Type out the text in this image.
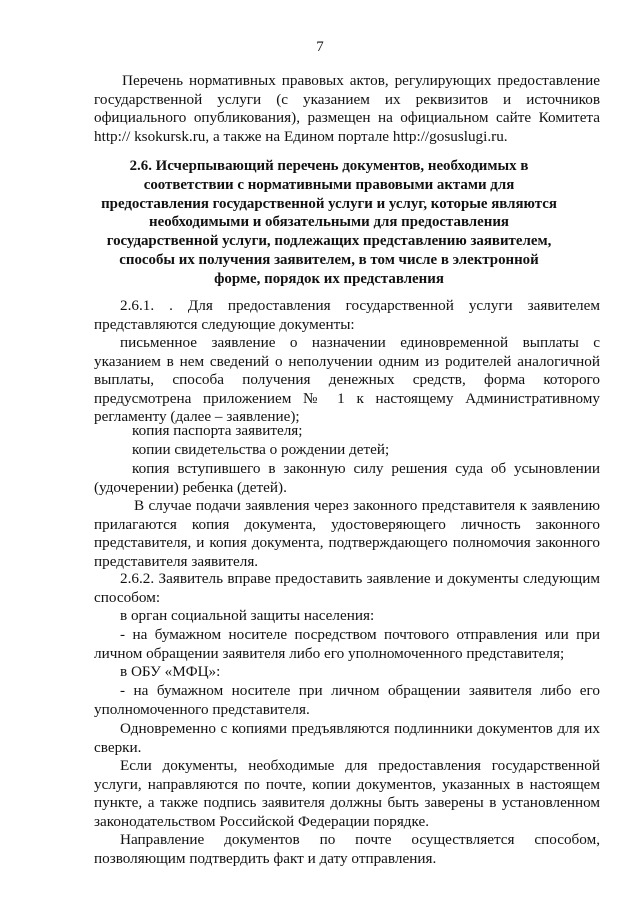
7

Перечень нормативных правовых актов, регулирующих предоставление государственной услуги (с указанием их реквизитов и источников официального опубликования), размещен на официальном сайте Комитета http:// ksokursk.ru, а также на Едином портале http://gosuslugi.ru.

2.6. Исчерпывающий перечень документов, необходимых в соответствии с нормативными правовыми актами для предоставления государственной услуги и услуг, которые являются необходимыми и обязательными для предоставления государственной услуги, подлежащих представлению заявителем, способы их получения заявителем, в том числе в электронной форме, порядок их представления

2.6.1. . Для предоставления государственной услуги заявителем представляются следующие документы:

письменное заявление о назначении единовременной выплаты с указанием в нем сведений о неполучении одним из родителей аналогичной выплаты, способа получения денежных средств, форма которого предусмотрена приложением № 1 к настоящему Административному регламенту (далее – заявление);

копия паспорта заявителя;

копии свидетельства о рождении детей;

копия вступившего в законную силу решения суда об усыновлении (удочерении) ребенка (детей).

В случае подачи заявления через законного представителя к заявлению прилагаются копия документа, удостоверяющего личность законного представителя, и копия документа, подтверждающего полномочия законного представителя заявителя.

2.6.2. Заявитель вправе предоставить заявление и документы следующим способом:

в орган социальной защиты населения:

- на бумажном носителе посредством почтового отправления или при личном обращении заявителя либо его уполномоченного представителя;

в ОБУ «МФЦ»:

- на бумажном носителе при личном обращении заявителя либо его уполномоченного представителя.

Одновременно с копиями предъявляются подлинники документов для их сверки.

Если документы, необходимые для предоставления государственной услуги, направляются по почте, копии документов, указанных в настоящем пункте, а также подпись заявителя должны быть заверены в установленном законодательством Российской Федерации порядке.

Направление документов по почте осуществляется способом, позволяющим подтвердить факт и дату отправления.
